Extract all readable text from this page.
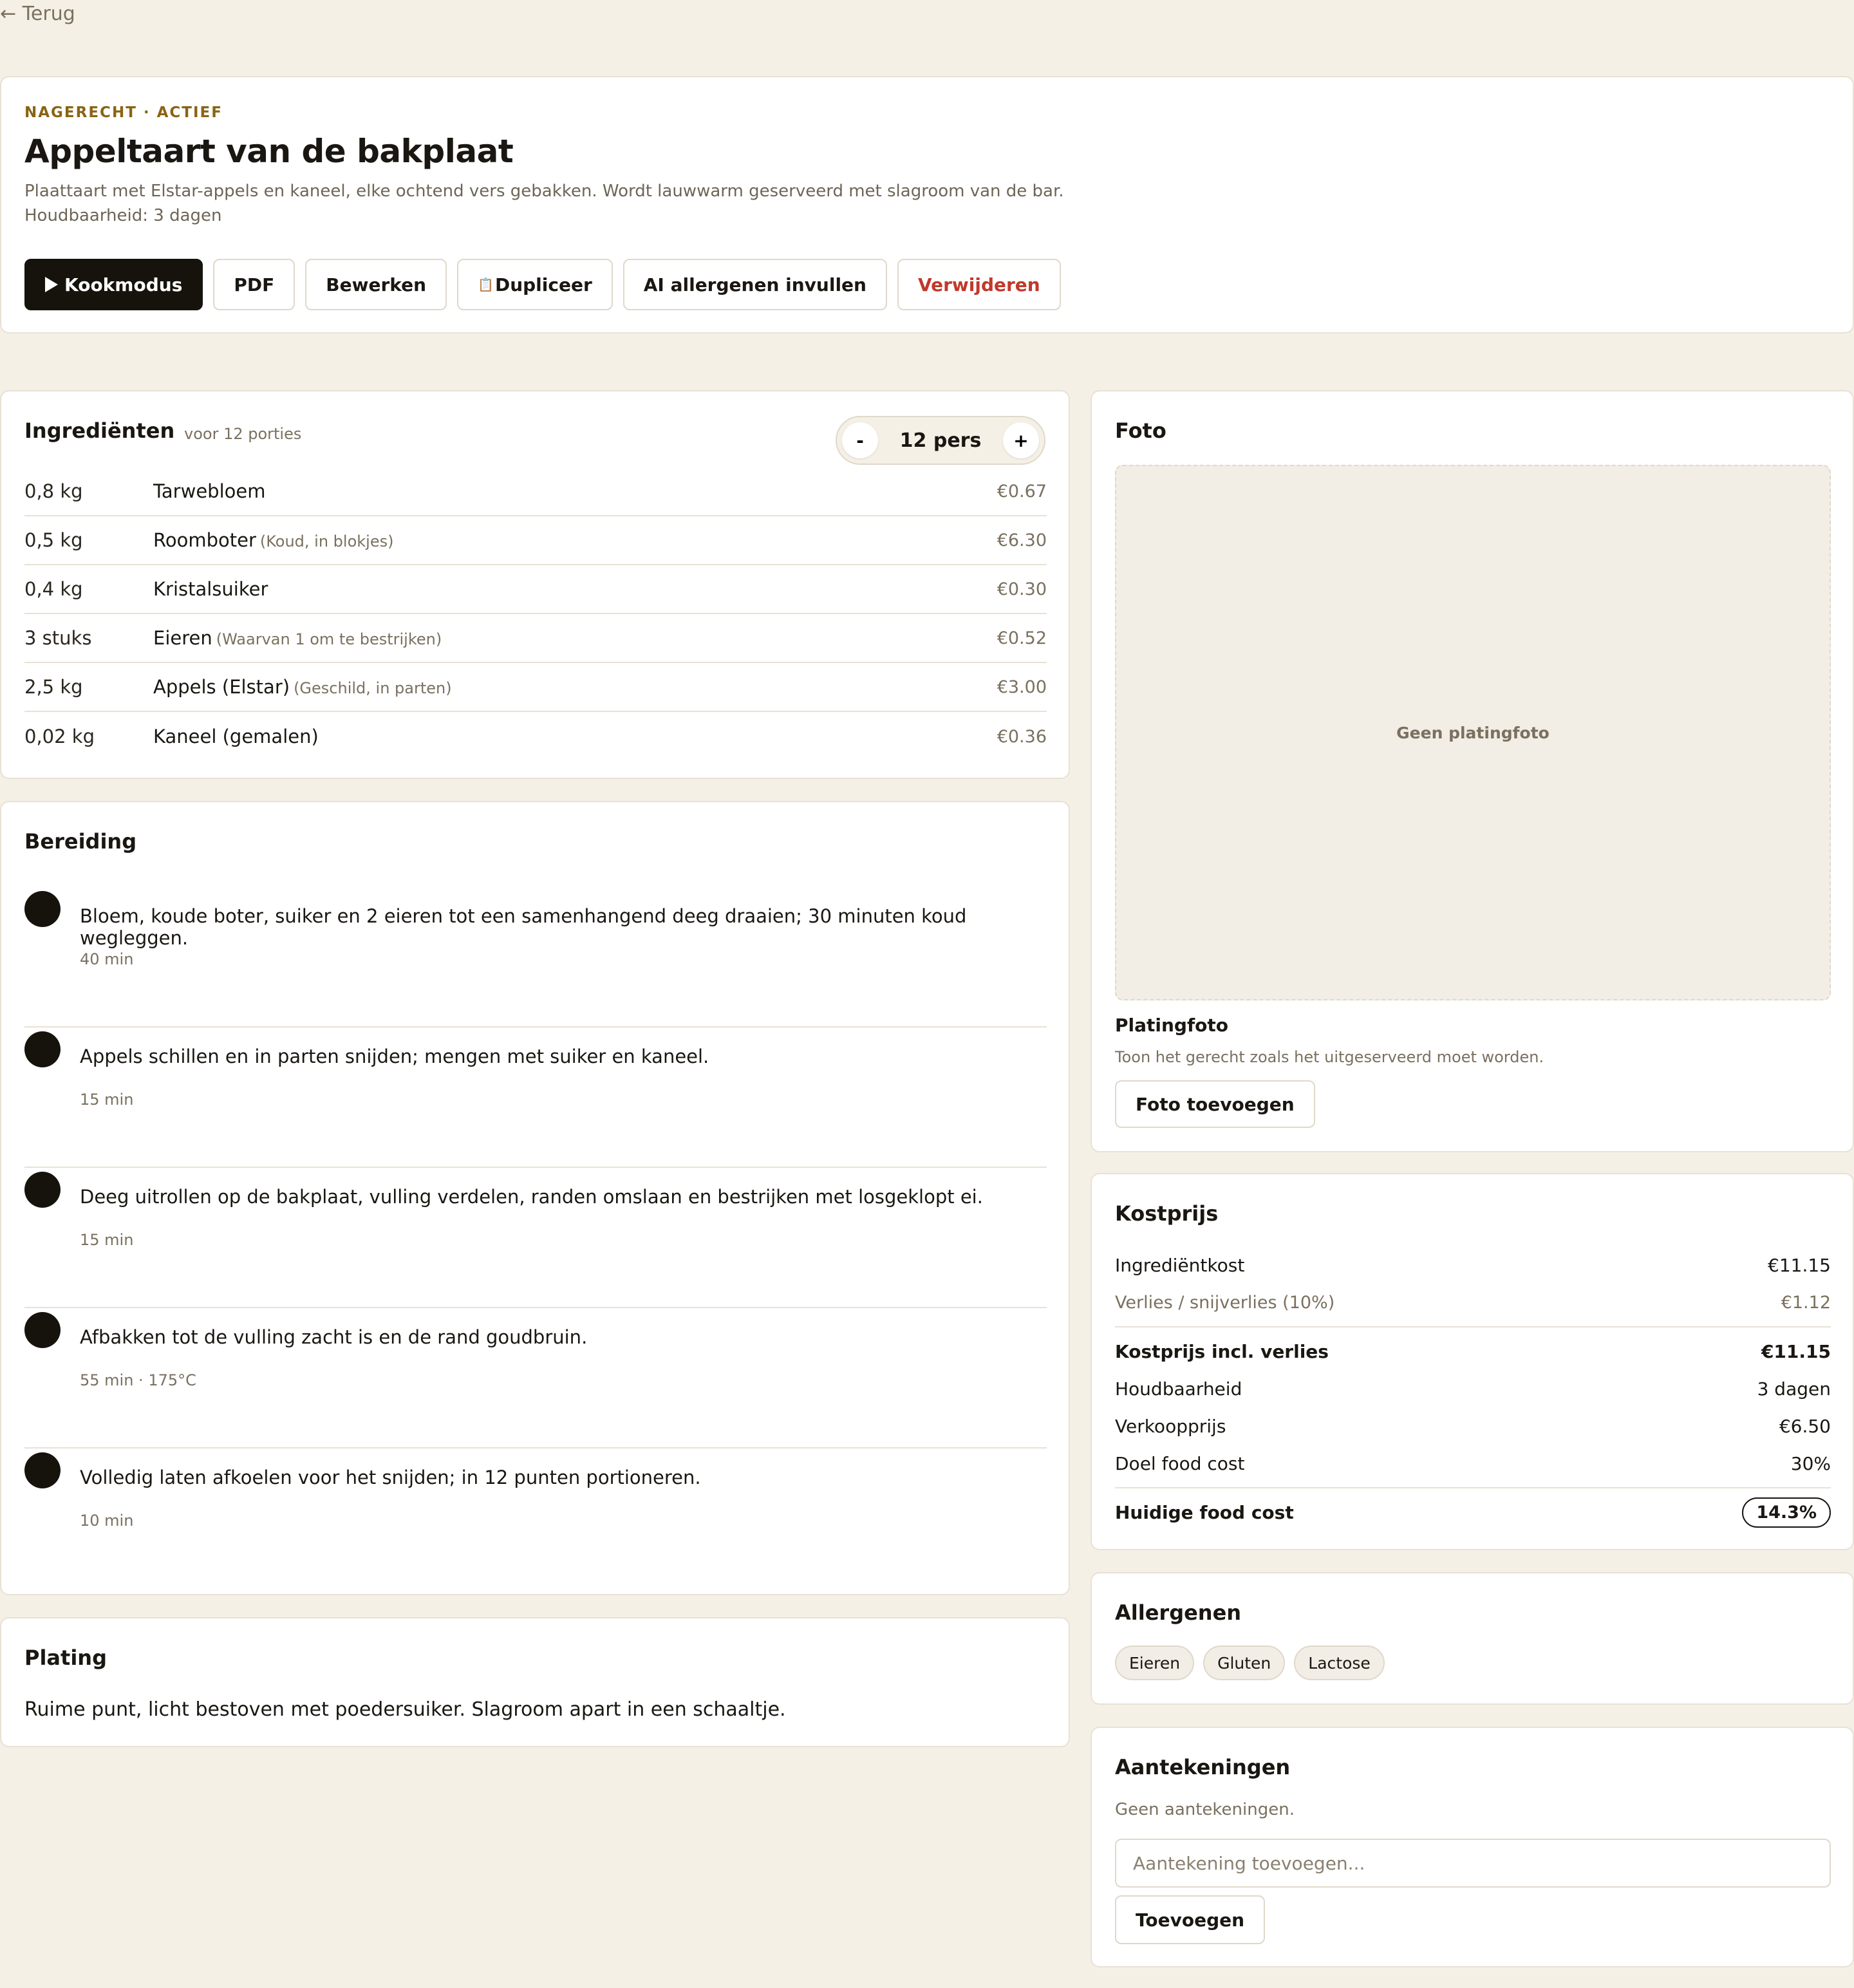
← Terug
NAGERECHT · ACTIEF
Appeltaart van de bakplaat
Plaattaart met Elstar-appels en kaneel, elke ochtend vers gebakken. Wordt lauwwarm geserveerd met slagroom van de bar.
Houdbaarheid: 3 dagen
Kookmodus	PDF	Bewerken	📋 Dupliceer	AI allergenen invullen	Verwijderen
Ingrediënten voor 12 porties	-	12 pers	+
0,8 kg	Tarwebloem	€0.67
0,5 kg	Roomboter (Koud, in blokjes)	€6.30
0,4 kg	Kristalsuiker	€0.30
3 stuks	Eieren (Waarvan 1 om te bestrijken)	€0.52
2,5 kg	Appels (Elstar) (Geschild, in parten)	€3.00
0,02 kg	Kaneel (gemalen)	€0.36
Bereiding
Bloem, koude boter, suiker en 2 eieren tot een samenhangend deeg draaien; 30 minuten koud wegleggen.
40 min
Appels schillen en in parten snijden; mengen met suiker en kaneel.
15 min
Deeg uitrollen op de bakplaat, vulling verdelen, randen omslaan en bestrijken met losgeklopt ei.
15 min
Afbakken tot de vulling zacht is en de rand goudbruin.
55 min · 175°C
Volledig laten afkoelen voor het snijden; in 12 punten portioneren.
10 min
Plating

Ruime punt, licht bestoven met poedersuiker. Slagroom apart in een schaaltje.

Foto
Geen platingfoto
Platingfoto
Toon het gerecht zoals het uitgeserveerd moet worden.
Foto toevoegen
Kostprijs
Ingrediëntkost	€11.15
Verlies / snijverlies (10%)	€1.12
Kostprijs incl. verlies	€11.15
Houdbaarheid	3 dagen
Verkoopprijs	€6.50
Doel food cost	30%
Huidige food cost	14.3%
Allergenen
Eieren	Gluten	Lactose
Aantekeningen
Geen aantekeningen.
Aantekening toevoegen...
Toevoegen
